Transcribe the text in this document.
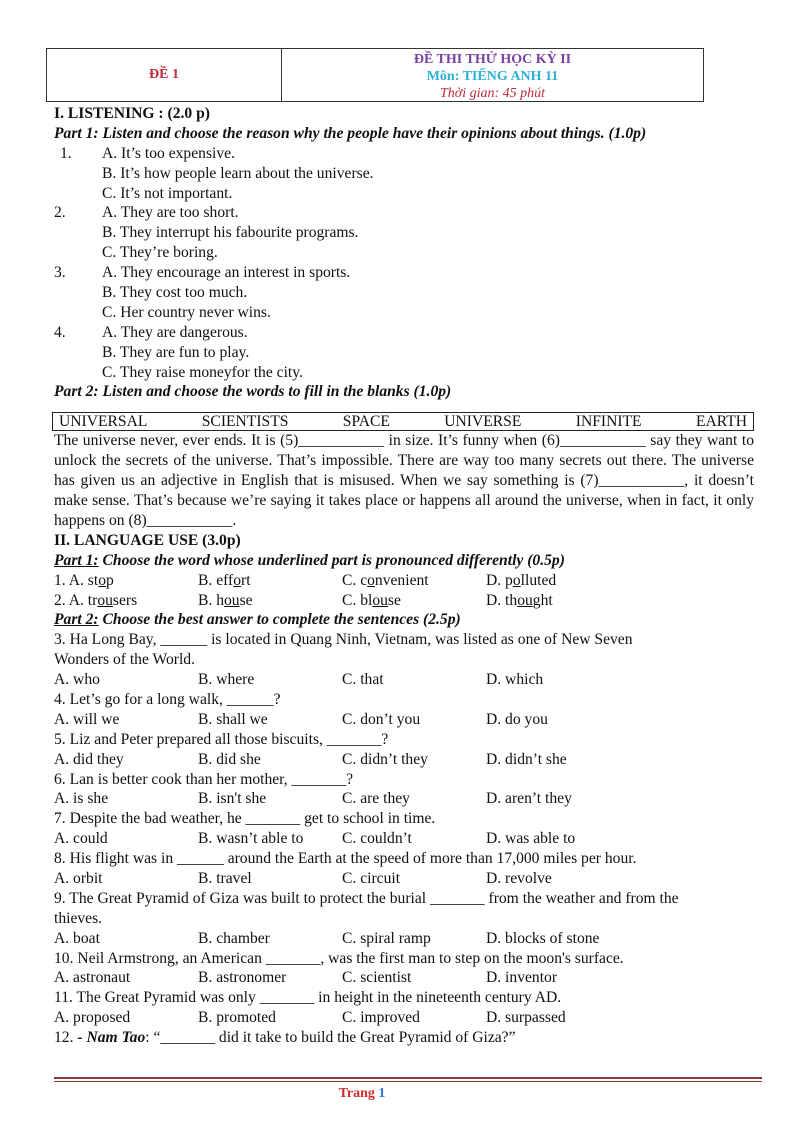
ĐỀ 1
ĐỀ THI THỬ HỌC KỲ II
Môn: TIẾNG ANH 11
Thời gian: 45 phút
I. LISTENING : (2.0 p)
Part 1: Listen and choose the reason why the people have their opinions about things. (1.0p)
1. A. It’s too expensive.
B. It’s how people learn about the universe.
C. It’s not important.
2. A. They are too short.
B. They interrupt his fabourite programs.
C. They’re boring.
3. A. They encourage an interest in sports.
B. They cost too much.
C. Her country never wins.
4. A. They are dangerous.
B. They are fun to play.
C. They raise moneyfor the city.
Part 2: Listen and choose the words to fill in the blanks (1.0p)
UNIVERSAL	SCIENTISTS	SPACE	UNIVERSE	INFINITE	EARTH
The universe never, ever ends. It is (5)___________ in size. It’s funny when (6)___________ say they want to unlock the secrets of the universe. That’s impossible. There are way too many secrets out there. The universe has given us an adjective in English that is misused. When we say something is (7)___________, it doesn’t make sense. That’s because we’re saying it takes place or happens all around the universe, when in fact, it only happens on (8)___________.
II. LANGUAGE USE (3.0p)
Part 1: Choose the word whose underlined part is pronounced differently (0.5p)
1. A. stop	B. effort	C. convenient	D. polluted
2. A. trousers	B. house	C. blouse	D. thought
Part 2: Choose the best answer to complete the sentences (2.5p)
3. Ha Long Bay, ______ is located in Quang Ninh, Vietnam, was listed as one of New Seven
Wonders of the World.
A. who	B. where	C. that	D. which
4. Let’s go for a long walk, ______?
A. will we	B. shall we	C. don’t you	D. do you
5. Liz and Peter prepared all those biscuits, _______?
A. did they	B. did she	C. didn’t they	D. didn’t she
6. Lan is better cook than her mother, _______?
A. is she	B. isn't she	C. are they	D. aren’t they
7. Despite the bad weather, he _______ get to school in time.
A. could	B. wasn’t able to C. couldn’t	D. was able to
8. His flight was in ______ around the Earth at the speed of more than 17,000 miles per hour.
A. orbit	B. travel	C. circuit	D. revolve
9. The Great Pyramid of Giza was built to protect the burial _______ from the weather and from the
thieves.
A. boat	B. chamber	C. spiral ramp	D. blocks of stone
10. Neil Armstrong, an American _______, was the first man to step on the moon's surface.
A. astronaut	B. astronomer	C. scientist	D. inventor
11. The Great Pyramid was only _______ in height in the nineteenth century AD.
A. proposed	B. promoted	C. improved	D. surpassed
12. - Nam Tao: “_______ did it take to build the Great Pyramid of Giza?”
Trang 1
